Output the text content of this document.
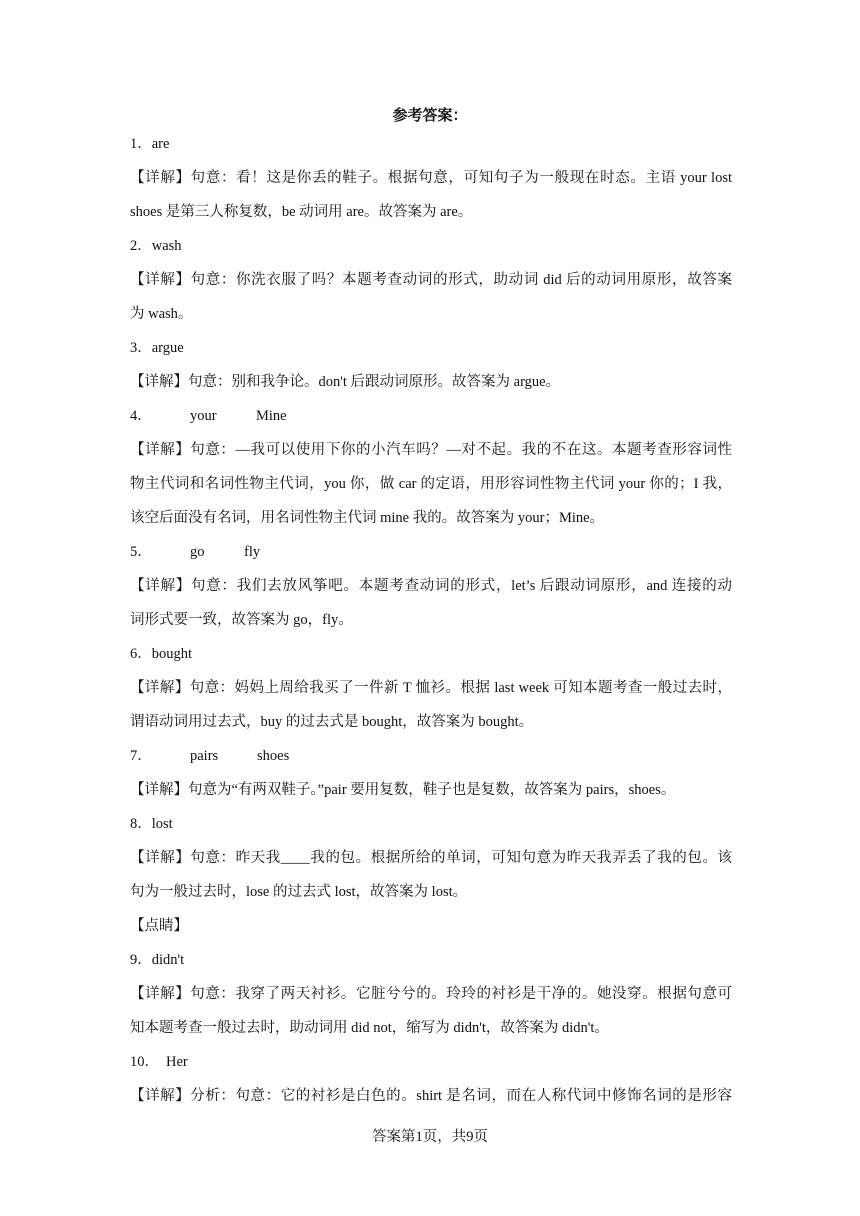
参考答案：
1．are
【详解】句意：看！这是你丢的鞋子。根据句意，可知句子为一般现在时态。主语 your lost
shoes 是第三人称复数，be 动词用 are。故答案为 are。
2．wash
【详解】句意：你洗衣服了吗？本题考查动词的形式，助动词 did 后的动词用原形，故答案
为 wash。
3．argue
【详解】句意：别和我争论。don't 后跟动词原形。故答案为 argue。
4．	your	Mine
【详解】句意：—我可以使用下你的小汽车吗？—对不起。我的不在这。本题考查形容词性
物主代词和名词性物主代词，you 你，做 car 的定语，用形容词性物主代词 your 你的；I 我，
该空后面没有名词，用名词性物主代词 mine 我的。故答案为 your；Mine。
5．	go	fly
【详解】句意：我们去放风筝吧。本题考查动词的形式，let’s 后跟动词原形，and 连接的动
词形式要一致，故答案为 go，fly。
6．bought
【详解】句意：妈妈上周给我买了一件新 T 恤衫。根据 last week 可知本题考查一般过去时，
谓语动词用过去式，buy 的过去式是 bought，故答案为 bought。
7．	pairs	shoes
【详解】句意为“有两双鞋子。”pair 要用复数，鞋子也是复数，故答案为 pairs，shoes。
8．lost
【详解】句意：昨天我____我的包。根据所给的单词，可知句意为昨天我弄丢了我的包。该
句为一般过去时，lose 的过去式 lost，故答案为 lost。
【点睛】
9．didn't
【详解】句意：我穿了两天衬衫。它脏兮兮的。玲玲的衬衫是干净的。她没穿。根据句意可
知本题考查一般过去时，助动词用 did not，缩写为 didn't，故答案为 didn't。
10． Her
【详解】分析：句意：它的衬衫是白色的。shirt 是名词，而在人称代词中修饰名词的是形容
答案第1页，共9页
